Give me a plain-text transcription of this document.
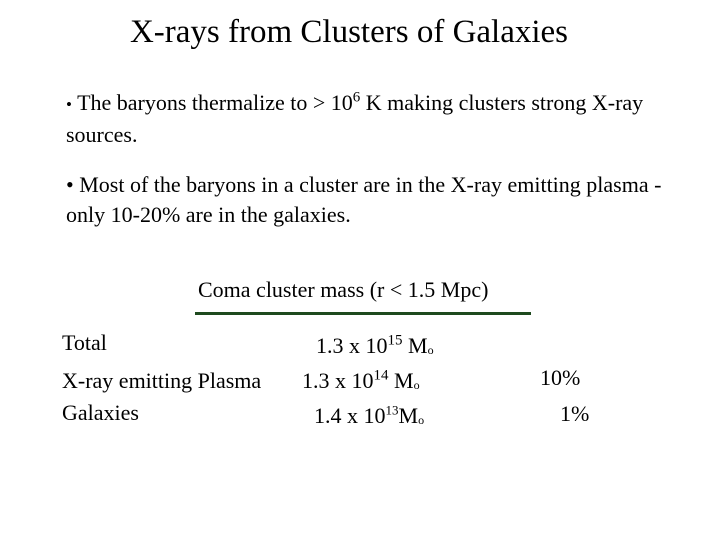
X-rays from Clusters of Galaxies
• The baryons thermalize to > $10^6$ K making clusters strong X-ray sources.
• Most of the baryons in a cluster are in the X-ray emitting plasma - only 10-20% are in the galaxies.
Coma cluster mass (r < 1.5 Mpc)
Total	1.3 x $10^{15}$ Mo
X-ray emitting Plasma 1.3 x $10^{14}$ Mo	10%
Galaxies	1.4 x $10^{13}Mo$	1%
